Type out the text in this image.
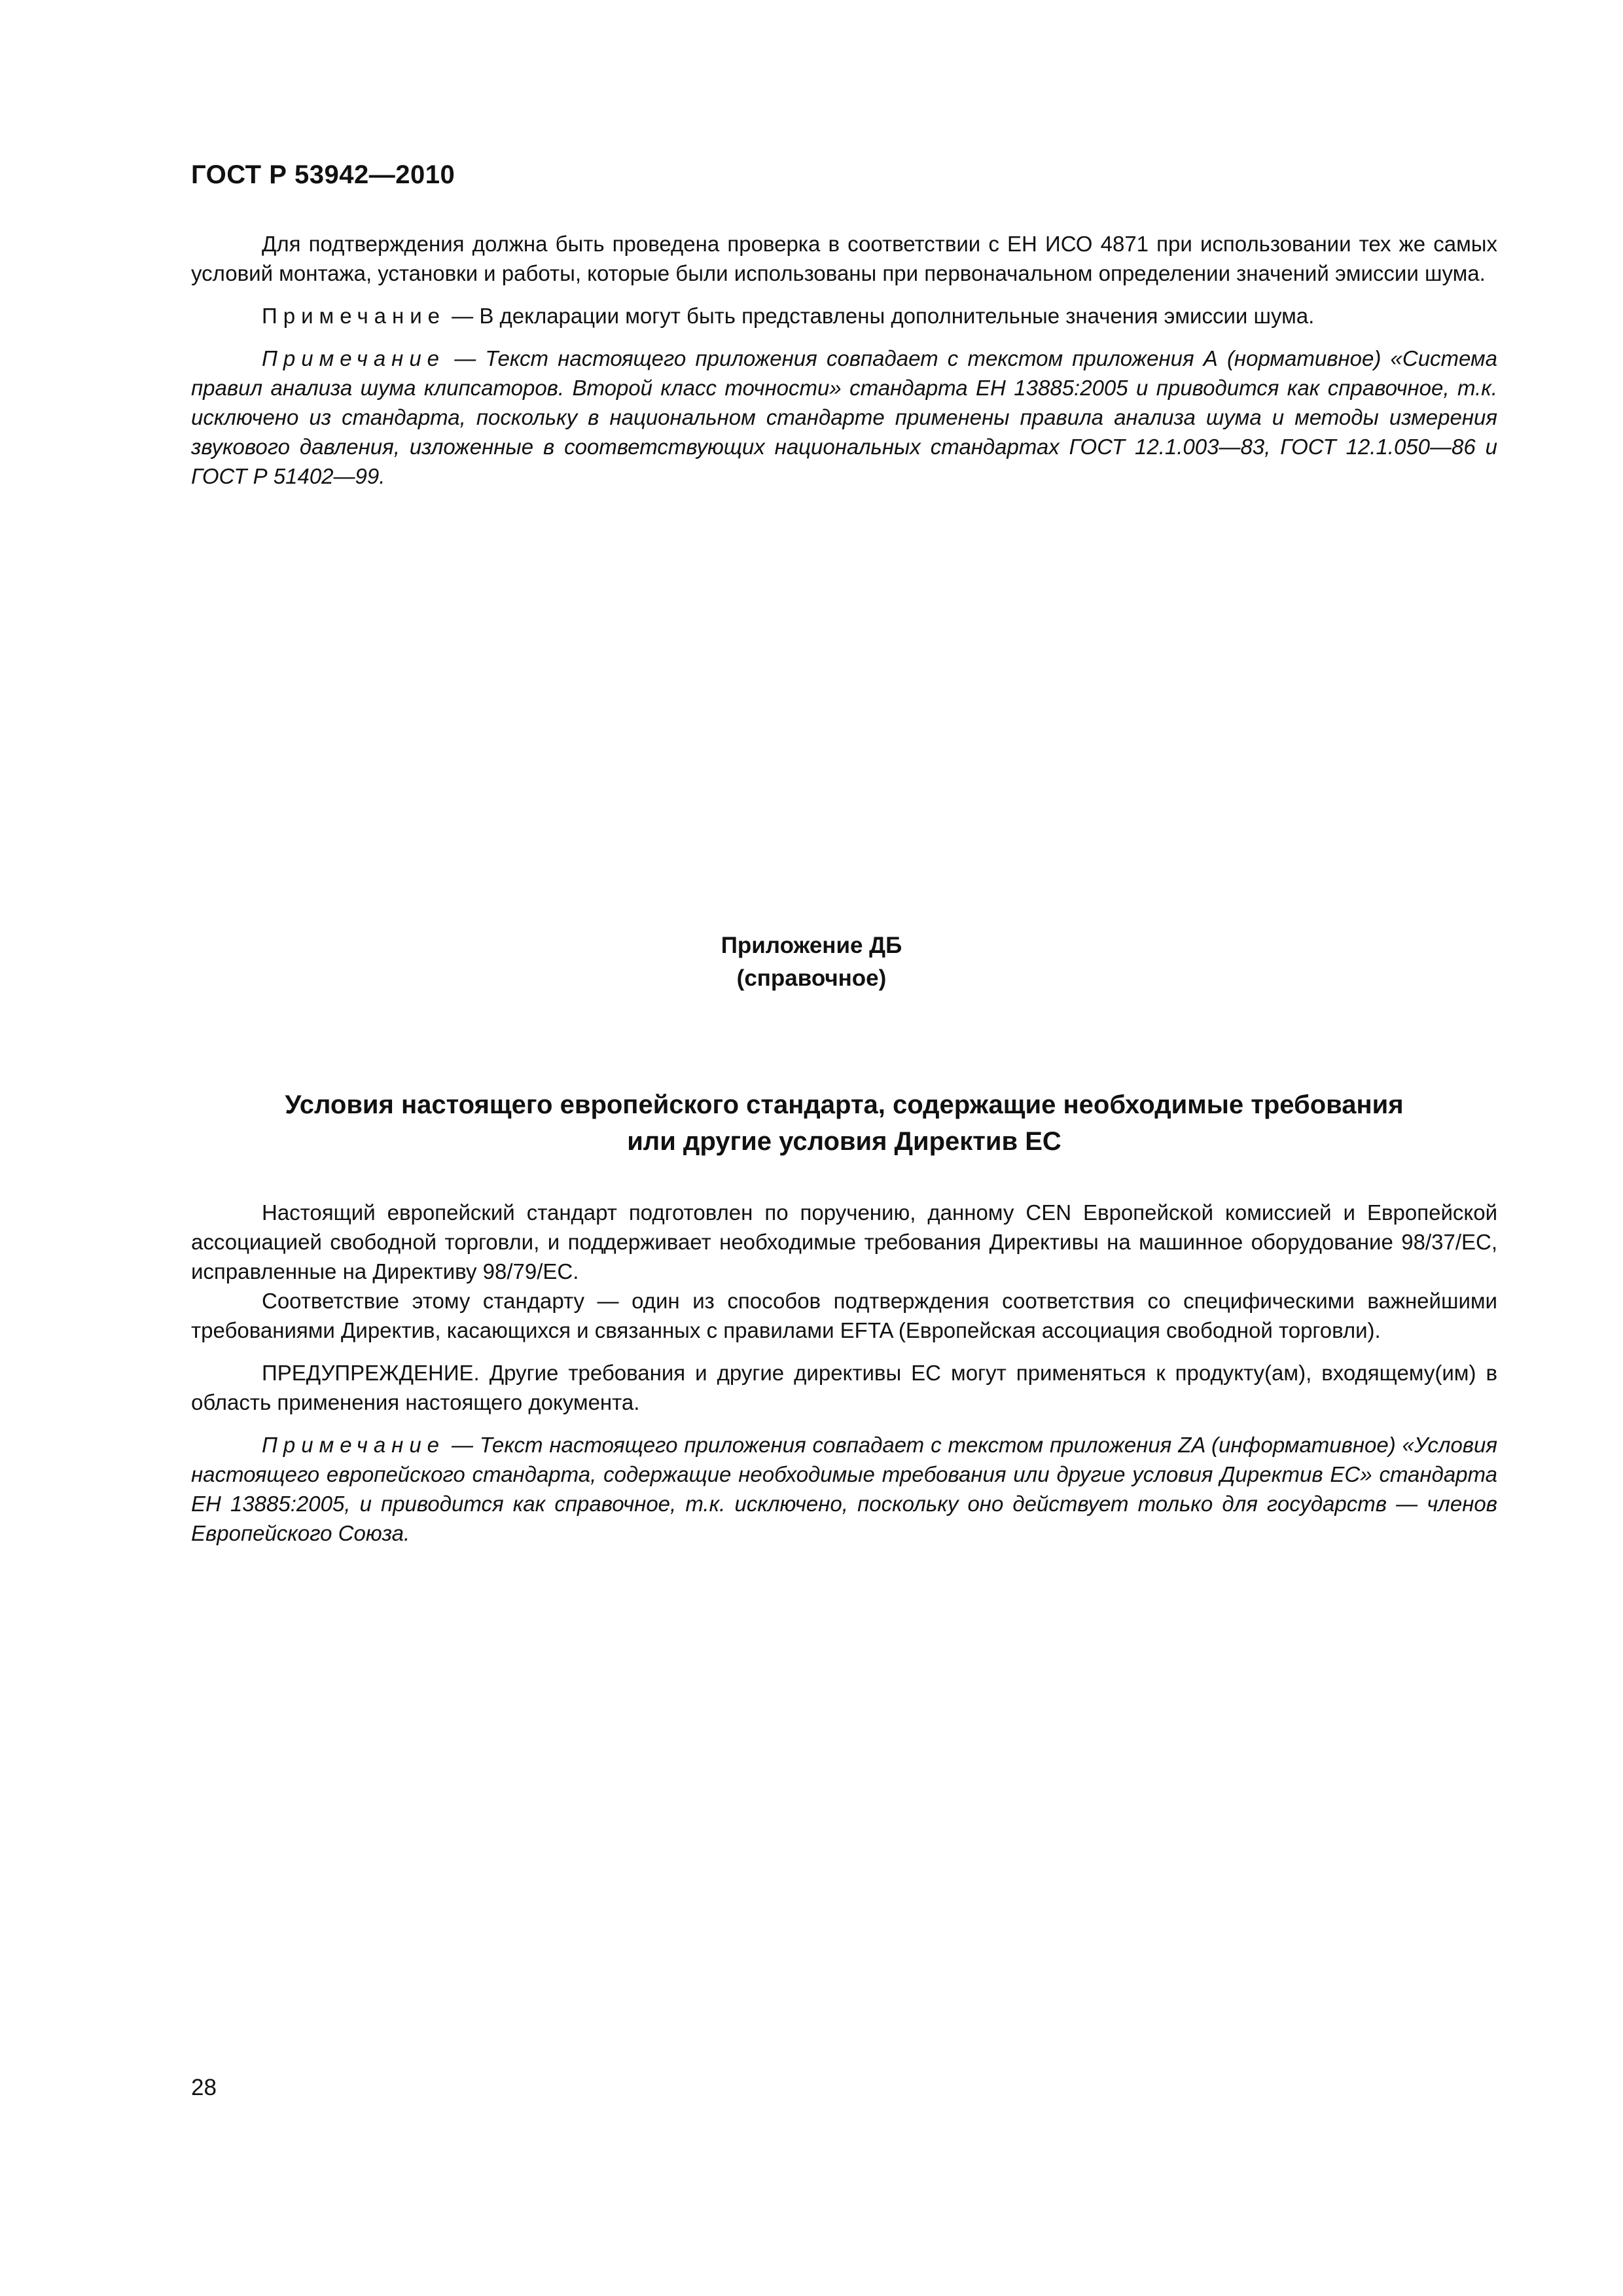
ГОСТ Р 53942—2010

Для подтверждения должна быть проведена проверка в соответствии с ЕН ИСО 4871 при использовании тех же самых условий монтажа, установки и работы, которые были использованы при первоначальном определении значений эмиссии шума.

Примечание — В декларации могут быть представлены дополнительные значения эмиссии шума.

Примечание — Текст настоящего приложения совпадает с текстом приложения А (нормативное) «Система правил анализа шума клипсаторов. Второй класс точности» стандарта ЕН 13885:2005 и приводится как справочное, т.к. исключено из стандарта, поскольку в национальном стандарте применены правила анализа шума и методы измерения звукового давления, изложенные в соответствующих национальных стандартах ГОСТ 12.1.003—83, ГОСТ 12.1.050—86 и ГОСТ Р 51402—99.

Приложение ДБ
(справочное)
Условия настоящего европейского стандарта, содержащие необходимые требования
или другие условия Директив ЕС

Настоящий европейский стандарт подготовлен по поручению, данному CEN Европейской комиссией и Европейской ассоциацией свободной торговли, и поддерживает необходимые требования Директивы на машинное оборудование 98/37/ЕС, исправленные на Директиву 98/79/ЕС.

Соответствие этому стандарту — один из способов подтверждения соответствия со специфическими важнейшими требованиями Директив, касающихся и связанных с правилами EFTA (Европейская ассоциация свободной торговли).

ПРЕДУПРЕЖДЕНИЕ. Другие требования и другие директивы ЕС могут применяться к продукту(ам), входящему(им) в область применения настоящего документа.

Примечание — Текст настоящего приложения совпадает с текстом приложения ZA (информативное) «Условия настоящего европейского стандарта, содержащие необходимые требования или другие условия Директив ЕС» стандарта ЕН 13885:2005, и приводится как справочное, т.к. исключено, поскольку оно действует только для государств — членов Европейского Союза.

28
